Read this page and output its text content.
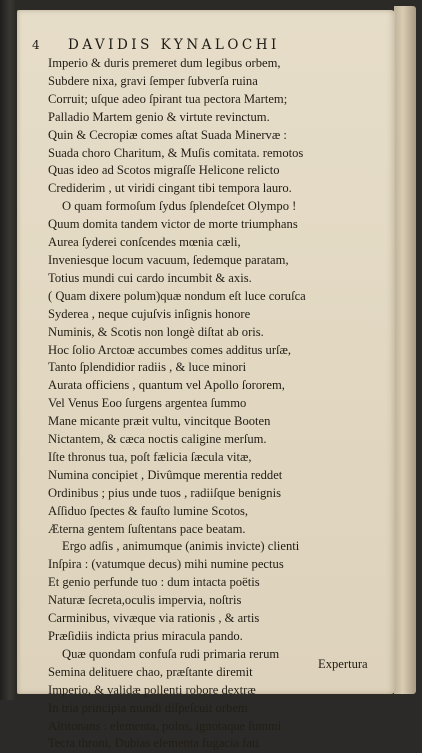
4 DAVIDIS KYNALOCHI
Imperio & duris premeret dum legibus orbem,
Subdere nixa, gravi ſemper ſubverſa ruina
Corruit; uſque adeo ſpirant tua pectora Martem;
Palladio Martem genio & virtute revinctum.
Quin & Cecropiæ comes aſtat Suada Minervæ :
Suada choro Charitum, & Muſis comitata. remotos
Quas ideo ad Scotos migraſſe Helicone relicto
Crediderim , ut viridi cingant tibi tempora lauro.
O quam formoſum ſydus ſplendeſcet Olympo !
Quum domita tandem victor de morte triumphans
Aurea ſyderei conſcendes mœnia cæli,
Inveniesque locum vacuum, ſedemque paratam,
Totius mundi cui cardo incumbit & axis.
( Quam dixere polum)quæ nondum eſt luce coruſca
Syderea , neque cujuſvis inſignis honore
Numinis, & Scotis non longè diſtat ab oris.
Hoc ſolio Arctoæ accumbes comes additus urſæ,
Tanto ſplendidior radiis , & luce minori
Aurata officiens , quantum vel Apollo ſororem,
Vel Venus Eoo ſurgens argentea ſummo
Mane micante præit vultu, vincitque Booten
Nictantem, & cæca noctis caligine merſum.
Iſte thronus tua, poſt fælicia ſæcula vitæ,
Numina concipiet , Divûmque merentia reddet
Ordinibus ; pius unde tuos , radiiſque benignis
Aſſiduo ſpectes & fauſto lumine Scotos,
Æterna gentem ſuſtentans pace beatam.
Ergo adſis , animumque (animis invicte) clienti
Inſpira : (vatumque decus) mihi numine pectus
Et genio perfunde tuo : dum intacta poëtis
Naturæ ſecreta,oculis impervia, noſtris
Carminibus, vivæque via rationis , & artis
Præſidiis indicta prius miracula pando.
Quæ quondam confuſa rudi primaria rerum
Semina delituere chao, præſtante diremit
Imperio, & validæ pollenti robore dextræ
In tria principia mundi diſpeſcuit orbem
Altitonans : elementa, polos, ignotaque ſummi
Tecta throni, Dubias elementa fugacia fati
Expertura
